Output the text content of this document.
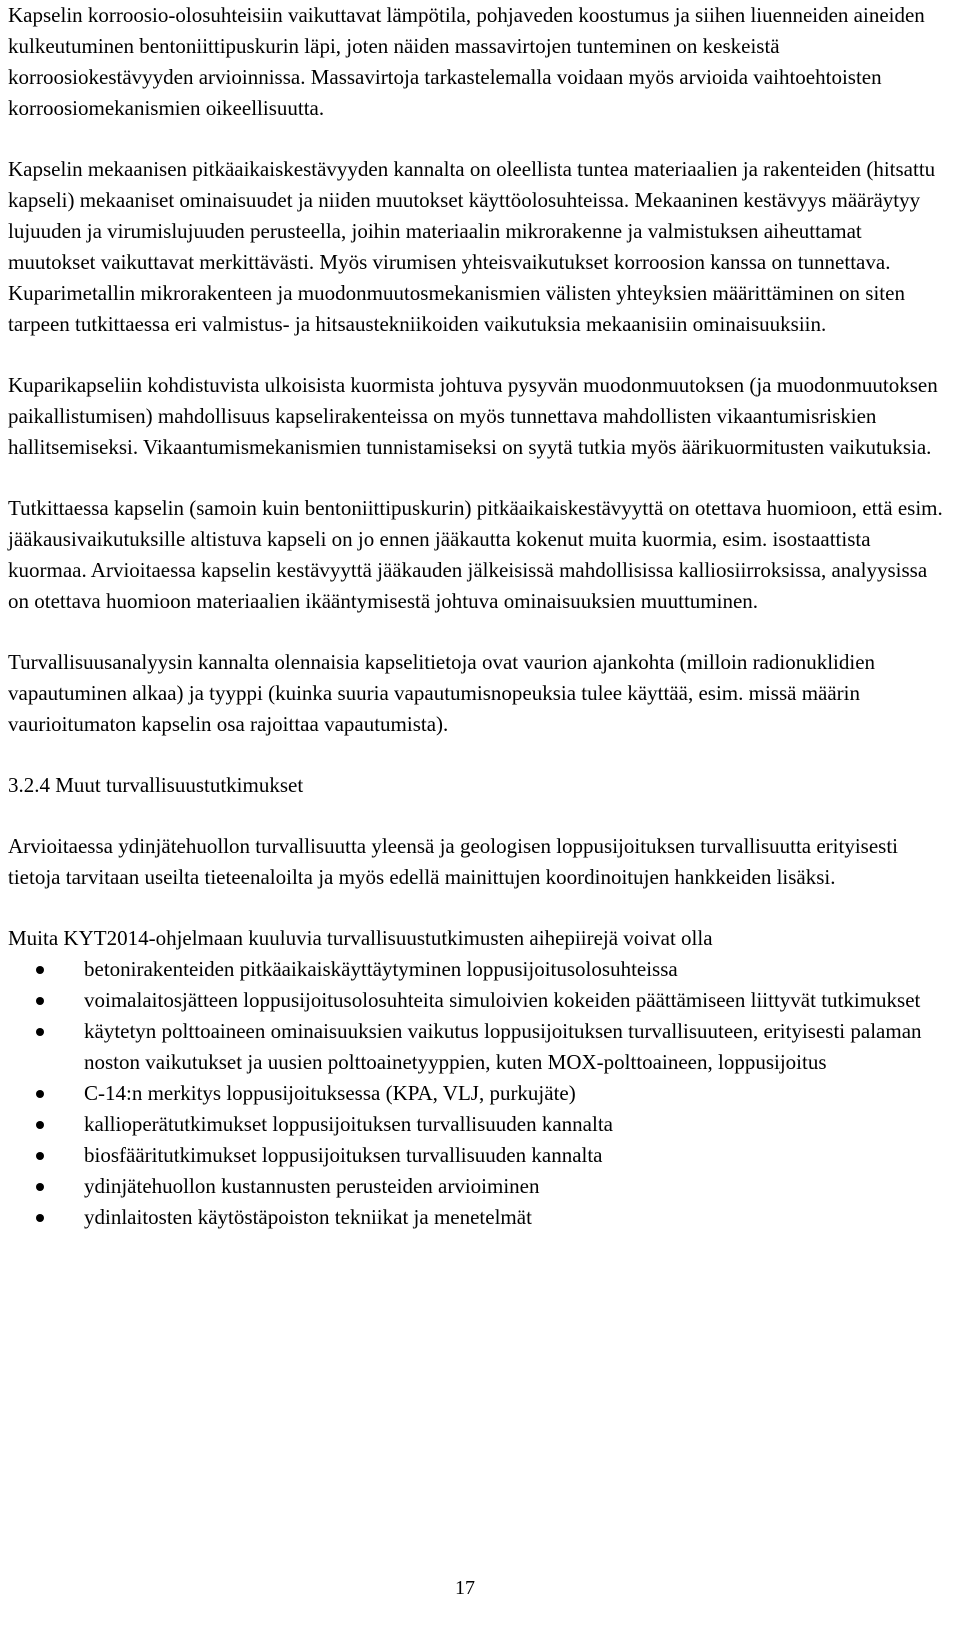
Kapselin korroosio-olosuhteisiin vaikuttavat lämpötila, pohjaveden koostumus ja siihen liuenneiden aineiden kulkeutuminen bentoniittipuskurin läpi, joten näiden massavirtojen tunteminen on keskeistä korroosiokestävyyden arvioinnissa. Massavirtoja tarkastelemalla voidaan myös arvioida vaihtoehtoisten korroosiomekanismien oikeellisuutta.

Kapselin mekaanisen pitkäaikaiskestävyyden kannalta on oleellista tuntea materiaalien ja rakenteiden (hitsattu kapseli) mekaaniset ominaisuudet ja niiden muutokset käyttöolosuhteissa. Mekaaninen kestävyys määräytyy lujuuden ja virumislujuuden perusteella, joihin materiaalin mikrorakenne ja valmistuksen aiheuttamat muutokset vaikuttavat merkittävästi. Myös virumisen yhteisvaikutukset korroosion kanssa on tunnettava. Kuparimetallin mikrorakenteen ja muodonmuutosmekanismien välisten yhteyksien määrittäminen on siten tarpeen tutkittaessa eri valmistus- ja hitsaustekniikoiden vaikutuksia mekaanisiin ominaisuuksiin.

Kuparikapseliin kohdistuvista ulkoisista kuormista johtuva pysyvän muodonmuutoksen (ja muodonmuutoksen paikallistumisen) mahdollisuus kapselirakenteissa on myös tunnettava mahdollisten vikaantumisriskien hallitsemiseksi. Vikaantumismekanismien tunnistamiseksi on syytä tutkia myös äärikuormitusten vaikutuksia.

Tutkittaessa kapselin (samoin kuin bentoniittipuskurin) pitkäaikaiskestävyyttä on otettava huomioon, että esim. jääkausivaikutuksille altistuva kapseli on jo ennen jääkautta kokenut muita kuormia, esim. isostaattista kuormaa. Arvioitaessa kapselin kestävyyttä jääkauden jälkeisissä mahdollisissa kalliosiirroksissa, analyysissa on otettava huomioon materiaalien ikääntymisestä johtuva ominaisuuksien muuttuminen.

Turvallisuusanalyysin kannalta olennaisia kapselitietoja ovat vaurion ajankohta (milloin radionuklidien vapautuminen alkaa) ja tyyppi (kuinka suuria vapautumisnopeuksia tulee käyttää, esim. missä määrin vaurioitumaton kapselin osa rajoittaa vapautumista).

3.2.4 Muut turvallisuustutkimukset

Arvioitaessa ydinjätehuollon turvallisuutta yleensä ja geologisen loppusijoituksen turvallisuutta erityisesti tietoja tarvitaan useilta tieteenaloilta ja myös edellä mainittujen koordinoitujen hankkeiden lisäksi.

Muita KYT2014-ohjelmaan kuuluvia turvallisuustutkimusten aihepiirejä voivat olla

betonirakenteiden pitkäaikaiskäyttäytyminen loppusijoitusolosuhteissa
voimalaitosjätteen loppusijoitusolosuhteita simuloivien kokeiden päättämiseen liittyvät tutkimukset
käytetyn polttoaineen ominaisuuksien vaikutus loppusijoituksen turvallisuuteen, erityisesti palaman noston vaikutukset ja uusien polttoainetyyppien, kuten MOX-polttoaineen, loppusijoitus
C-14:n merkitys loppusijoituksessa (KPA, VLJ, purkujäte)
kallioperätutkimukset loppusijoituksen turvallisuuden kannalta
biosfääritutkimukset loppusijoituksen turvallisuuden kannalta
ydinjätehuollon kustannusten perusteiden arvioiminen
ydinlaitosten käytöstäpoiston tekniikat ja menetelmät
17
